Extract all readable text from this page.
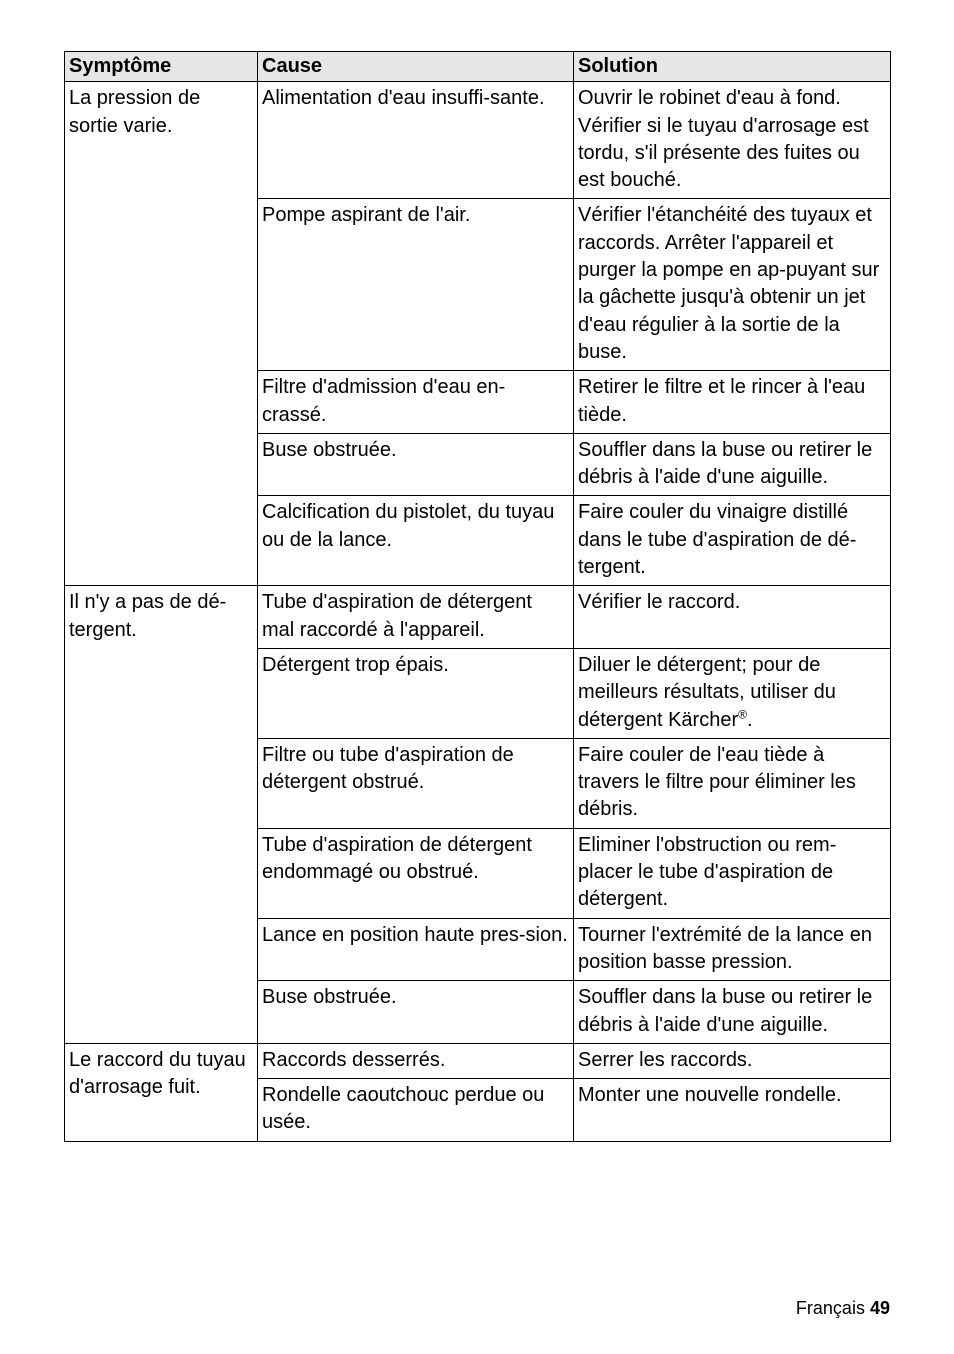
Symptôme	Cause	Solution
La pression de sortie varie.	Alimentation d'eau insuffi-sante.	Ouvrir le robinet d'eau à fond. Vérifier si le tuyau d'arrosage est tordu, s'il présente des fuites ou est bouché.
	Pompe aspirant de l'air.	Vérifier l'étanchéité des tuyaux et raccords. Arrêter l'appareil et purger la pompe en ap-puyant sur la gâchette jusqu'à obtenir un jet d'eau régulier à la sortie de la buse.
	Filtre d'admission d'eau en-crassé.	Retirer le filtre et le rincer à l'eau tiède.
	Buse obstruée.	Souffler dans la buse ou retirer le débris à l'aide d'une aiguille.
	Calcification du pistolet, du tuyau ou de la lance.	Faire couler du vinaigre distillé dans le tube d'aspiration de dé-tergent.
Il n'y a pas de dé-tergent.	Tube d'aspiration de détergent mal raccordé à l'appareil.	Vérifier le raccord.
	Détergent trop épais.	Diluer le détergent; pour de meilleurs résultats, utiliser du détergent Kärcher®.
	Filtre ou tube d'aspiration de détergent obstrué.	Faire couler de l'eau tiède à travers le filtre pour éliminer les débris.
	Tube d'aspiration de détergent endommagé ou obstrué.	Eliminer l'obstruction ou rem-placer le tube d'aspiration de détergent.
	Lance en position haute pres-sion.	Tourner l'extrémité de la lance en position basse pression.
	Buse obstruée.	Souffler dans la buse ou retirer le débris à l'aide d'une aiguille.
Le raccord du tuyau d'arrosage fuit.	Raccords desserrés.	Serrer les raccords.
	Rondelle caoutchouc perdue ou usée.	Monter une nouvelle rondelle.
Français 49
